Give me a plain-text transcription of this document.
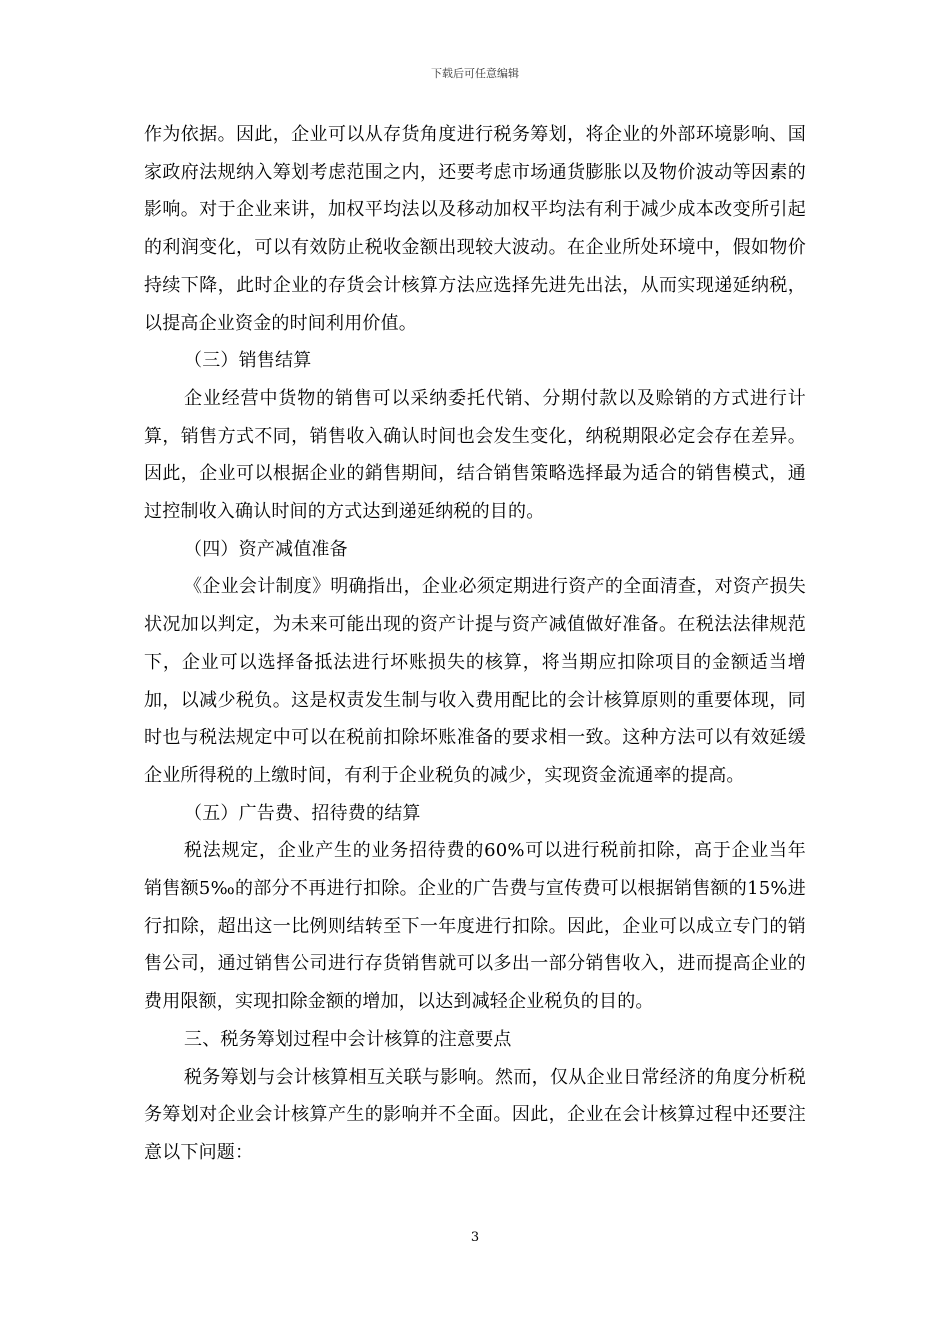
下载后可任意编辑

作为依据。因此，企业可以从存货角度进行税务筹划，将企业的外部环境影响、国家政府法规纳入筹划考虑范围之内，还要考虑市场通货膨胀以及物价波动等因素的影响。对于企业来讲，加权平均法以及移动加权平均法有利于减少成本改变所引起的利润变化，可以有效防止税收金额出现较大波动。在企业所处环境中，假如物价持续下降，此时企业的存货会计核算方法应选择先进先出法，从而实现递延纳税，以提高企业资金的时间利用价值。

（三）销售结算

企业经营中货物的销售可以采纳委托代销、分期付款以及赊销的方式进行计算，销售方式不同，销售收入确认时间也会发生变化，纳税期限必定会存在差异。因此，企业可以根据企业的銷售期间，结合销售策略选择最为适合的销售模式，通过控制收入确认时间的方式达到递延纳税的目的。

（四）资产减值准备

《企业会计制度》明确指出，企业必须定期进行资产的全面清查，对资产损失状况加以判定，为未来可能出现的资产计提与资产减值做好准备。在税法法律规范下，企业可以选择备抵法进行坏账损失的核算，将当期应扣除项目的金额适当增加，以减少税负。这是权责发生制与收入费用配比的会计核算原则的重要体现，同时也与税法规定中可以在税前扣除坏账准备的要求相一致。这种方法可以有效延缓企业所得税的上缴时间，有利于企业税负的减少，实现资金流通率的提高。

（五）广告费、招待费的结算

税法规定，企业产生的业务招待费的60%可以进行税前扣除，高于企业当年销售额5‰的部分不再进行扣除。企业的广告费与宣传费可以根据销售额的15%进行扣除，超出这一比例则结转至下一年度进行扣除。因此，企业可以成立专门的销售公司，通过销售公司进行存货销售就可以多出一部分销售收入，进而提高企业的费用限额，实现扣除金额的增加，以达到减轻企业税负的目的。

三、税务筹划过程中会计核算的注意要点

税务筹划与会计核算相互关联与影响。然而，仅从企业日常经济的角度分析税务筹划对企业会计核算产生的影响并不全面。因此，企业在会计核算过程中还要注意以下问题：

3
